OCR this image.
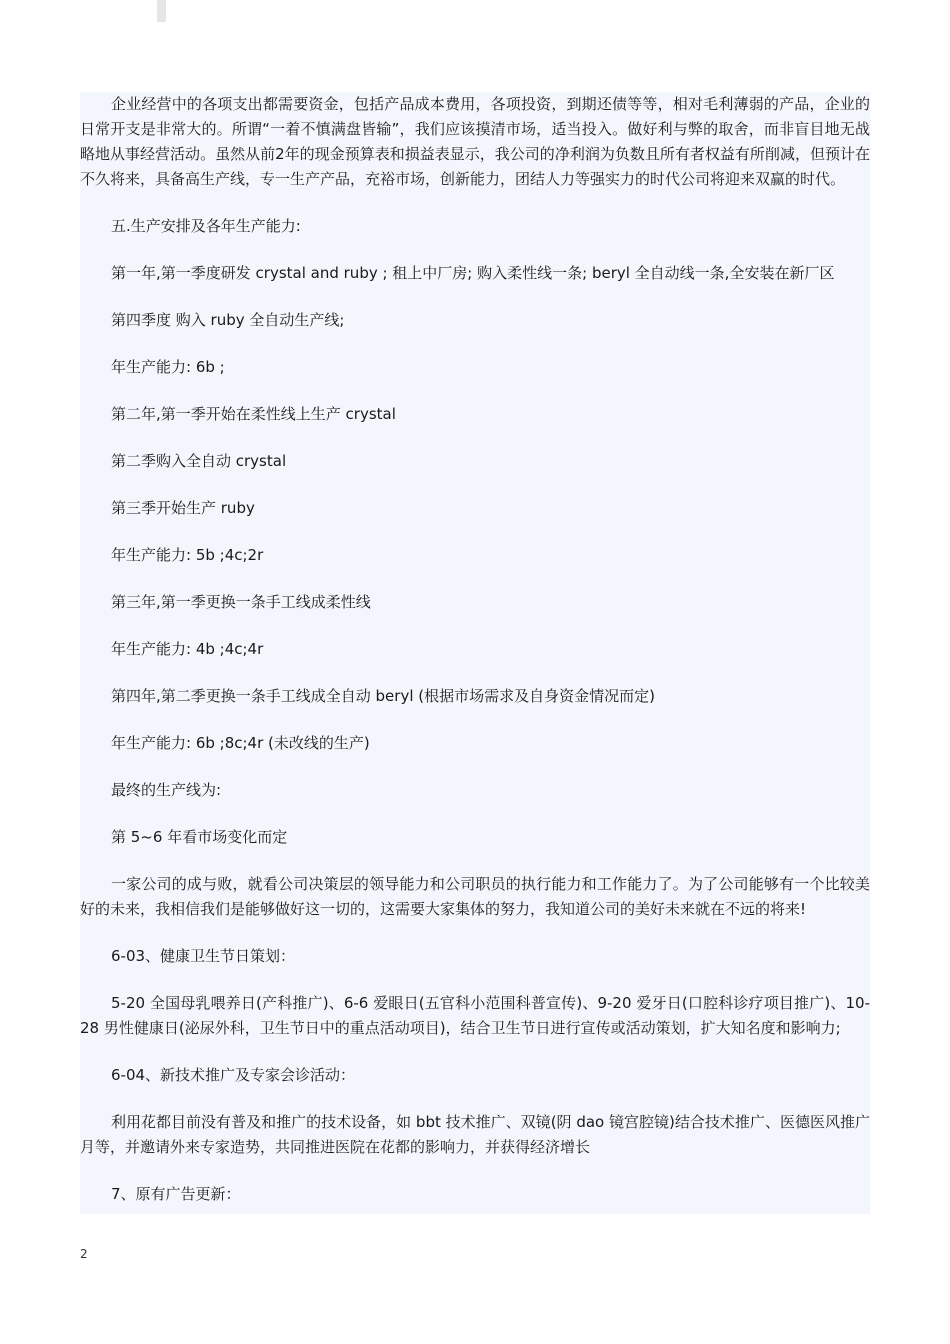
企业经营中的各项支出都需要资金，包括产品成本费用，各项投资，到期还债等等，相对毛利薄弱的产品，企业的日常开支是非常大的。所谓“一着不慎满盘皆输”，我们应该摸清市场，适当投入。做好利与弊的取舍，而非盲目地无战略地从事经营活动。虽然从前2年的现金预算表和损益表显示，我公司的净利润为负数且所有者权益有所削减，但预计在不久将来，具备高生产线，专一生产产品，充裕市场，创新能力，团结人力等强实力的时代公司将迎来双赢的时代。

五.生产安排及各年生产能力:

第一年,第一季度研发 crystal and ruby ; 租上中厂房; 购入柔性线一条; beryl 全自动线一条,全安装在新厂区

第四季度 购入 ruby 全自动生产线;

年生产能力: 6b ;

第二年,第一季开始在柔性线上生产 crystal

第二季购入全自动 crystal

第三季开始生产 ruby

年生产能力: 5b ;4c;2r

第三年,第一季更换一条手工线成柔性线

年生产能力: 4b ;4c;4r

第四年,第二季更换一条手工线成全自动 beryl (根据市场需求及自身资金情况而定)

年生产能力: 6b ;8c;4r (未改线的生产)

最终的生产线为:

第 5~6 年看市场变化而定

一家公司的成与败，就看公司决策层的领导能力和公司职员的执行能力和工作能力了。为了公司能够有一个比较美好的未来，我相信我们是能够做好这一切的，这需要大家集体的努力，我知道公司的美好未来就在不远的将来!

6-03、健康卫生节日策划：

5-20 全国母乳喂养日(产科推广)、6-6 爱眼日(五官科小范围科普宣传)、9-20 爱牙日(口腔科诊疗项目推广)、10-28 男性健康日(泌尿外科，卫生节日中的重点活动项目)，结合卫生节日进行宣传或活动策划，扩大知名度和影响力;

6-04、新技术推广及专家会诊活动：

利用花都目前没有普及和推广的技术设备，如 bbt 技术推广、双镜(阴 dao 镜宫腔镜)结合技术推广、医德医风推广月等，并邀请外来专家造势，共同推进医院在花都的影响力，并获得经济增长

7、原有广告更新：

2
